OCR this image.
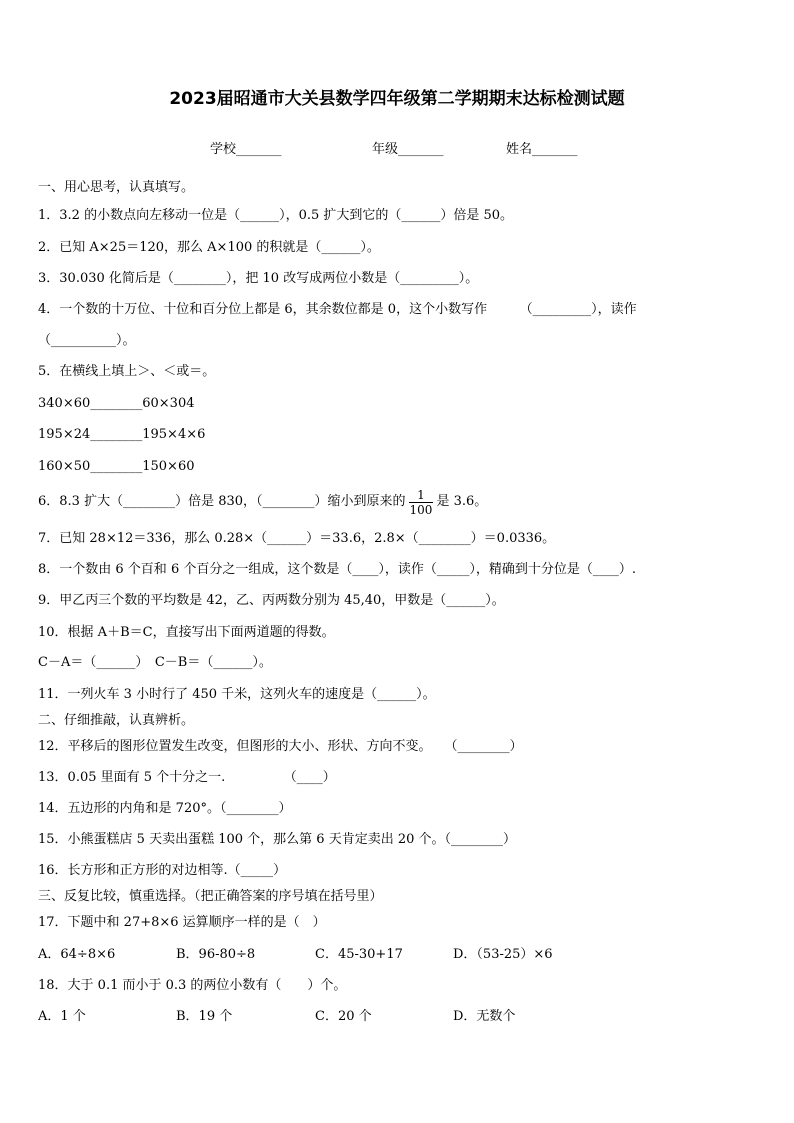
2023届昭通市大关县数学四年级第二学期期末达标检测试题
学校_______	年级_______	姓名_______
一、用心思考，认真填写。
1．3.2 的小数点向左移动一位是（______），0.5 扩大到它的（______）倍是 50。
2．已知 A×25＝120，那么 A×100 的积就是（______）。
3．30.030 化简后是（________），把 10 改写成两位小数是（_________）。
4．一个数的十万位、十位和百分位上都是 6，其余数位都是 0，这个小数写作　　　（_________），读作
（__________）。
5．在横线上填上＞、＜或＝。
340×60________60×304
195×24________195×4×6
160×50________150×60
6．8.3 扩大（________）倍是 830，（________）缩小到原来的 $\frac{1}{100}$ 是 3.6。
7．已知 28×12＝336，那么 0.28×（______）＝33.6，2.8×（________）＝0.0336。
8．一个数由 6 个百和 6 个百分之一组成，这个数是（____），读作（_____），精确到十分位是（____）.
9．甲乙丙三个数的平均数是 42，乙、丙两数分别为 45,40，甲数是（______）。
10．根据 A＋B＝C，直接写出下面两道题的得数。
C－A＝（______）　C－B＝（______）。
11．一列火车 3 小时行了 450 千米，这列火车的速度是（______）。
二、仔细推敲，认真辨析。
12．平移后的图形位置发生改变，但图形的大小、形状、方向不变。　　（________）
13．0.05 里面有 5 个十分之一.　　　　　（____）
14．五边形的内角和是 720°。（________）
15．小熊蛋糕店 5 天卖出蛋糕 100 个，那么第 6 天肯定卖出 20 个。（________）
16．长方形和正方形的对边相等.（_____）
三、反复比较，慎重选择。（把正确答案的序号填在括号里）
17．下题中和 27+8×6 运算顺序一样的是（　）
A．64÷8×6	B．96-80÷8	C．45-30+17	D．（53-25）×6
18．大于 0.1 而小于 0.3 的两位小数有（　　）个。
A．1 个	B．19 个	C．20 个	D．无数个
